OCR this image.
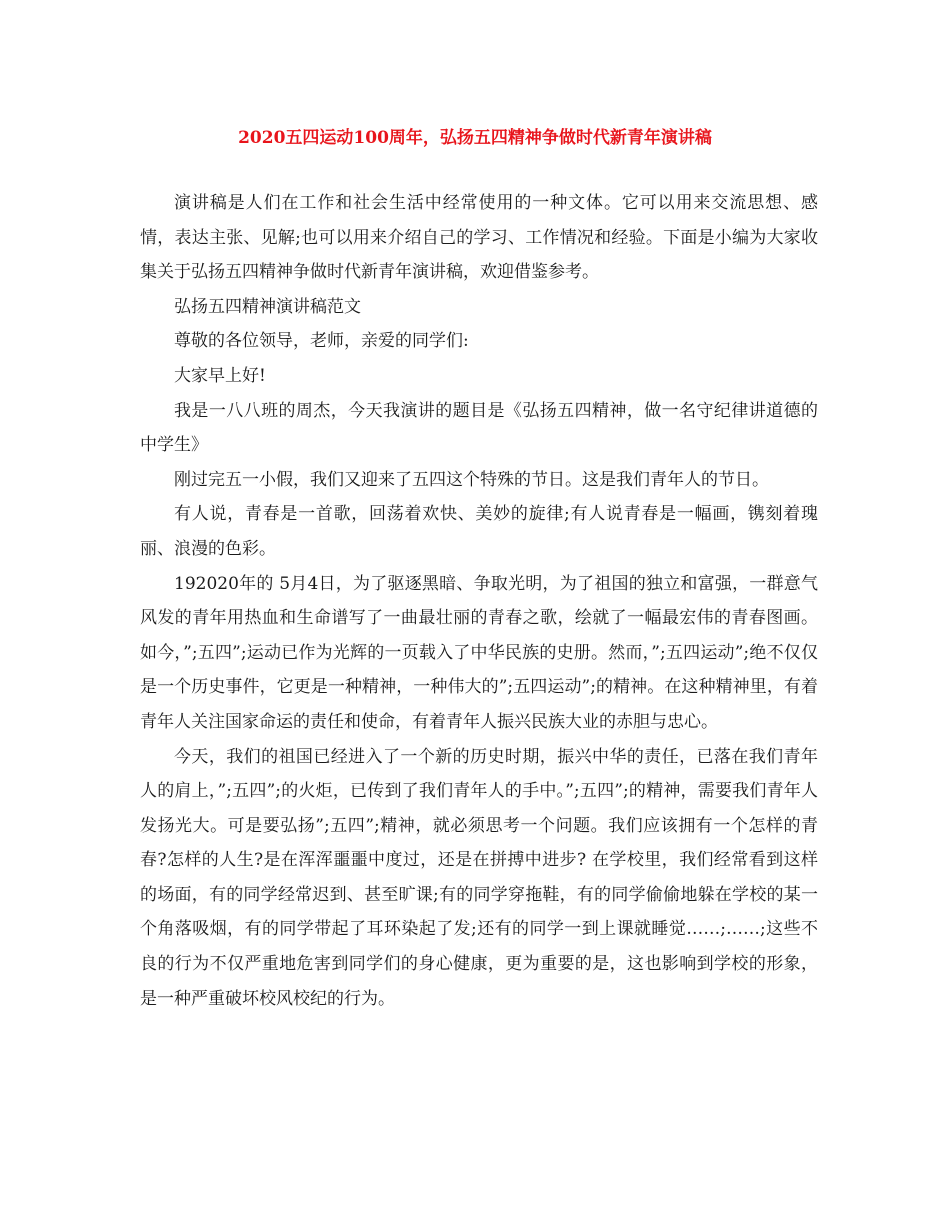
2020五四运动100周年，弘扬五四精神争做时代新青年演讲稿

演讲稿是人们在工作和社会生活中经常使用的一种文体。它可以用来交流思想、感情，表达主张、见解;也可以用来介绍自己的学习、工作情况和经验。下面是小编为大家收集关于弘扬五四精神争做时代新青年演讲稿，欢迎借鉴参考。

弘扬五四精神演讲稿范文

尊敬的各位领导，老师，亲爱的同学们:

大家早上好!

我是一八八班的周杰，今天我演讲的题目是《弘扬五四精神，做一名守纪律讲道德的中学生》

刚过完五一小假，我们又迎来了五四这个特殊的节日。这是我们青年人的节日。

有人说，青春是一首歌，回荡着欢快、美妙的旋律;有人说青春是一幅画，镌刻着瑰丽、浪漫的色彩。

192020年的 5月4日，为了驱逐黑暗、争取光明，为了祖国的独立和富强，一群意气风发的青年用热血和生命谱写了一曲最壮丽的青春之歌，绘就了一幅最宏伟的青春图画。如今，”;五四”;运动已作为光辉的一页载入了中华民族的史册。然而，”;五四运动”;绝不仅仅是一个历史事件，它更是一种精神，一种伟大的”;五四运动”;的精神。在这种精神里，有着青年人关注国家命运的责任和使命，有着青年人振兴民族大业的赤胆与忠心。

今天，我们的祖国已经进入了一个新的历史时期，振兴中华的责任，已落在我们青年人的肩上，”;五四”;的火炬，已传到了我们青年人的手中。”;五四”;的精神，需要我们青年人发扬光大。可是要弘扬”;五四”;精神，就必须思考一个问题。我们应该拥有一个怎样的青春?怎样的人生?是在浑浑噩噩中度过，还是在拼搏中进步? 在学校里，我们经常看到这样的场面，有的同学经常迟到、甚至旷课;有的同学穿拖鞋，有的同学偷偷地躲在学校的某一个角落吸烟，有的同学带起了耳环染起了发;还有的同学一到上课就睡觉……;……;这些不良的行为不仅严重地危害到同学们的身心健康，更为重要的是，这也影响到学校的形象，是一种严重破坏校风校纪的行为。
